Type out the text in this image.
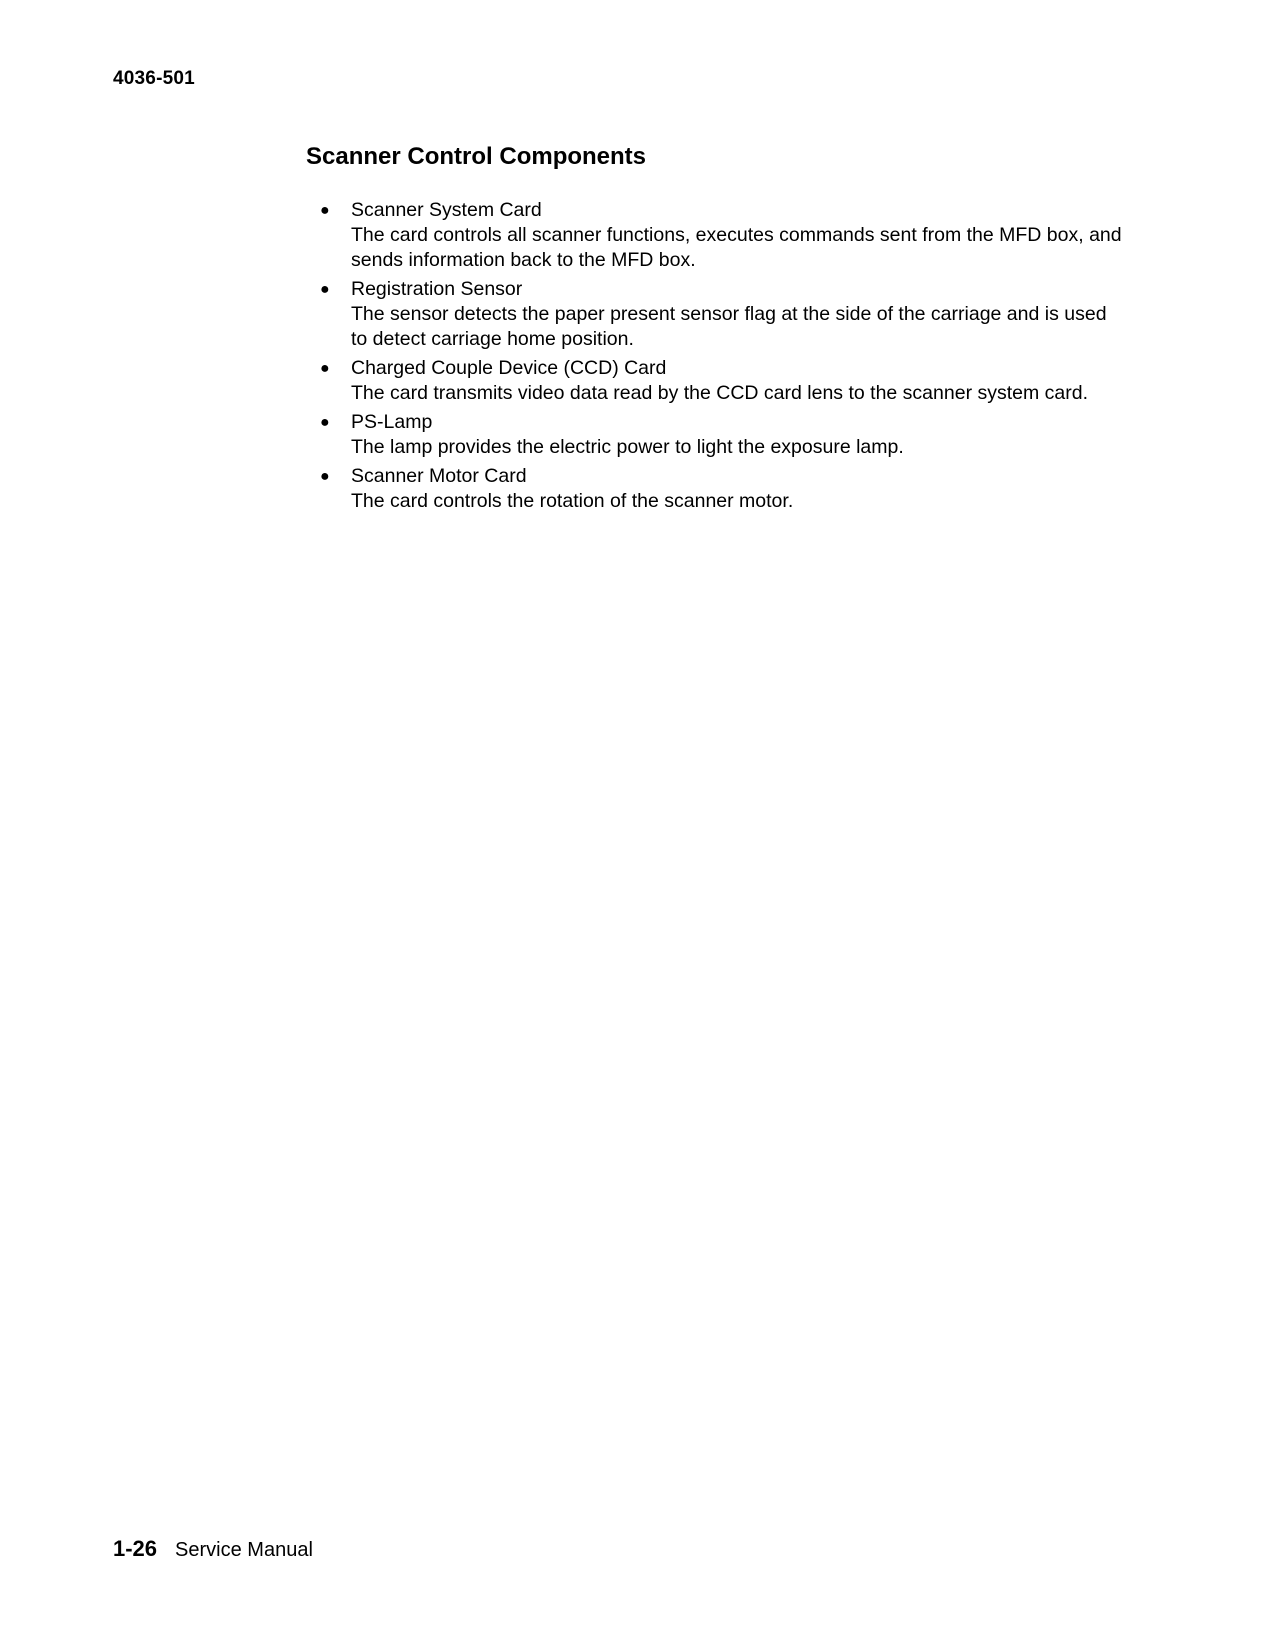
4036-501
Scanner Control Components
● Scanner System Card
The card controls all scanner functions, executes commands sent from the MFD box, and sends information back to the MFD box.
● Registration Sensor
The sensor detects the paper present sensor flag at the side of the carriage and is used to detect carriage home position.
● Charged Couple Device (CCD) Card
The card transmits video data read by the CCD card lens to the scanner system card.
● PS-Lamp
The lamp provides the electric power to light the exposure lamp.
● Scanner Motor Card
The card controls the rotation of the scanner motor.
1-26 Service Manual
